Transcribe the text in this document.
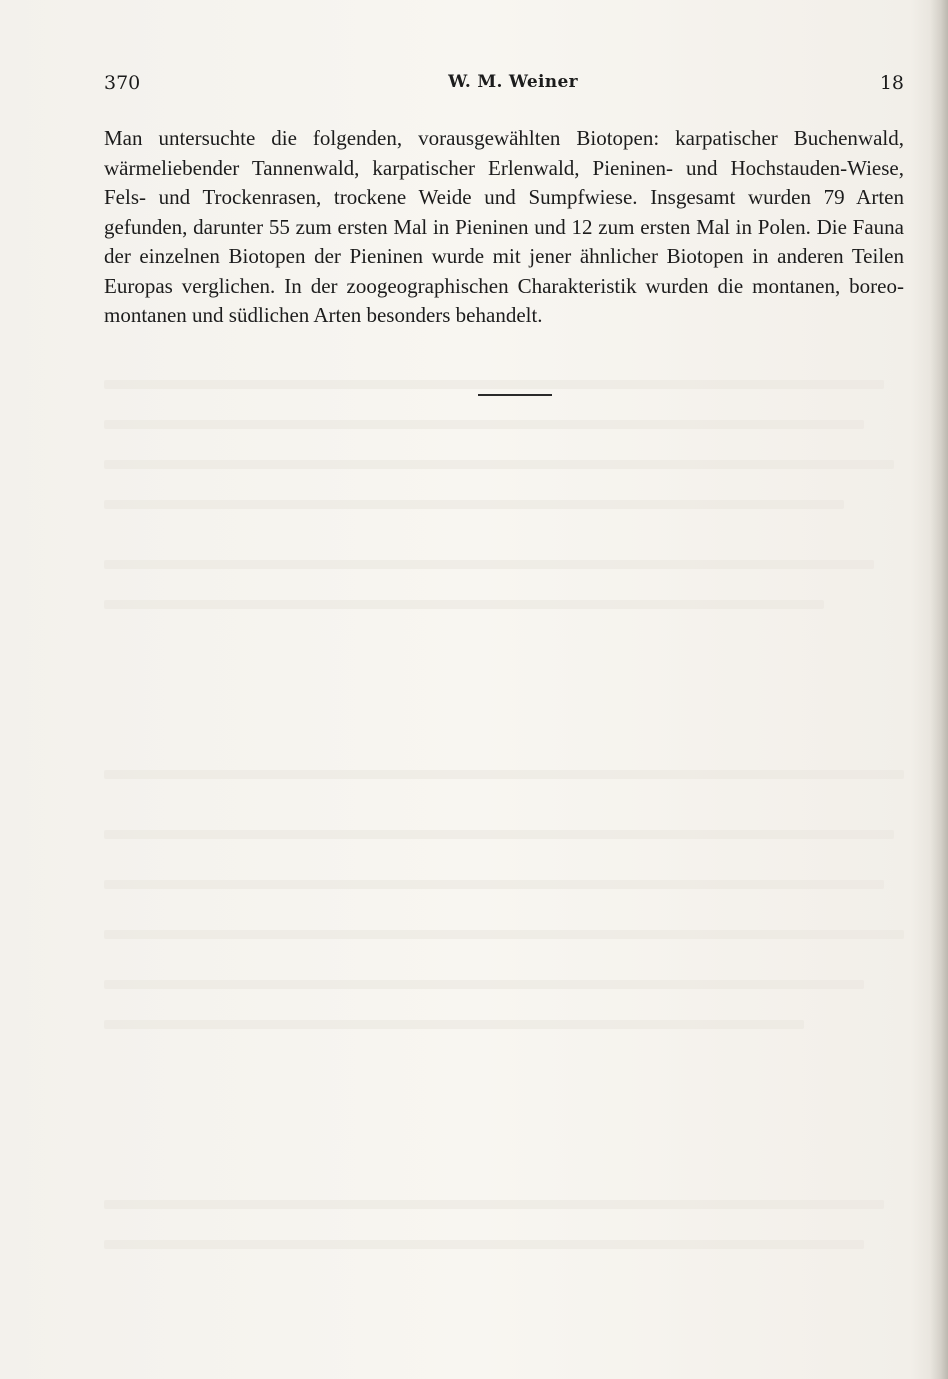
370	W. M. Weiner	18

Man untersuchte die folgenden, vorausgewählten Biotopen: karpatischer Buchenwald, wärmeliebender Tannenwald, karpatischer Erlenwald, Pieninen- und Hochstauden-Wiese, Fels- und Trockenrasen, trockene Weide und Sumpfwiese. Insgesamt wurden 79 Arten gefunden, darunter 55 zum ersten Mal in Pieninen und 12 zum ersten Mal in Polen. Die Fauna der einzelnen Biotopen der Pieninen wurde mit jener ähnlicher Biotopen in anderen Teilen Europas verglichen. In der zoogeographischen Charakteristik wurden die montanen, boreo-montanen und südlichen Arten besonders behandelt.
